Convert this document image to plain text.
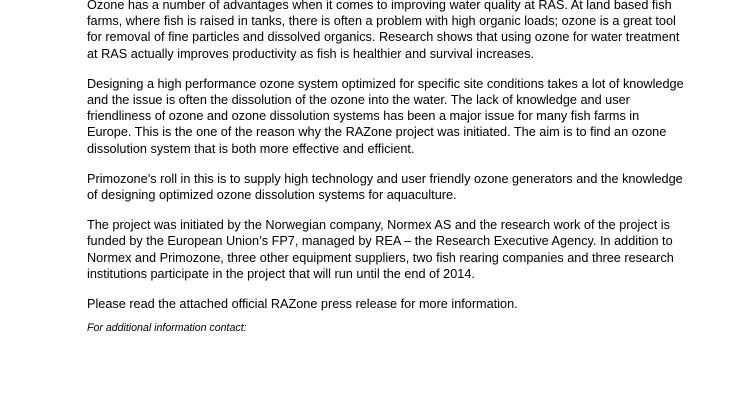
Ozone has a number of advantages when it comes to improving water quality at RAS. At land based fish farms, where fish is raised in tanks, there is often a problem with high organic loads; ozone is a great tool for removal of fine particles and dissolved organics. Research shows that using ozone for water treatment at RAS actually improves productivity as fish is healthier and survival increases.

Designing a high performance ozone system optimized for specific site conditions takes a lot of knowledge and the issue is often the dissolution of the ozone into the water. The lack of knowledge and user friendliness of ozone and ozone dissolution systems has been a major issue for many fish farms in Europe. This is the one of the reason why the RAZone project was initiated. The aim is to find an ozone dissolution system that is both more effective and efficient.

Primozone’s roll in this is to supply high technology and user friendly ozone generators and the knowledge of designing optimized ozone dissolution systems for aquaculture.

The project was initiated by the Norwegian company, Normex AS and the research work of the project is funded by the European Union’s FP7, managed by REA – the Research Executive Agency. In addition to Normex and Primozone, three other equipment suppliers, two fish rearing companies and three research institutions participate in the project that will run until the end of 2014.

Please read the attached official RAZone press release for more information.

For additional information contact:
